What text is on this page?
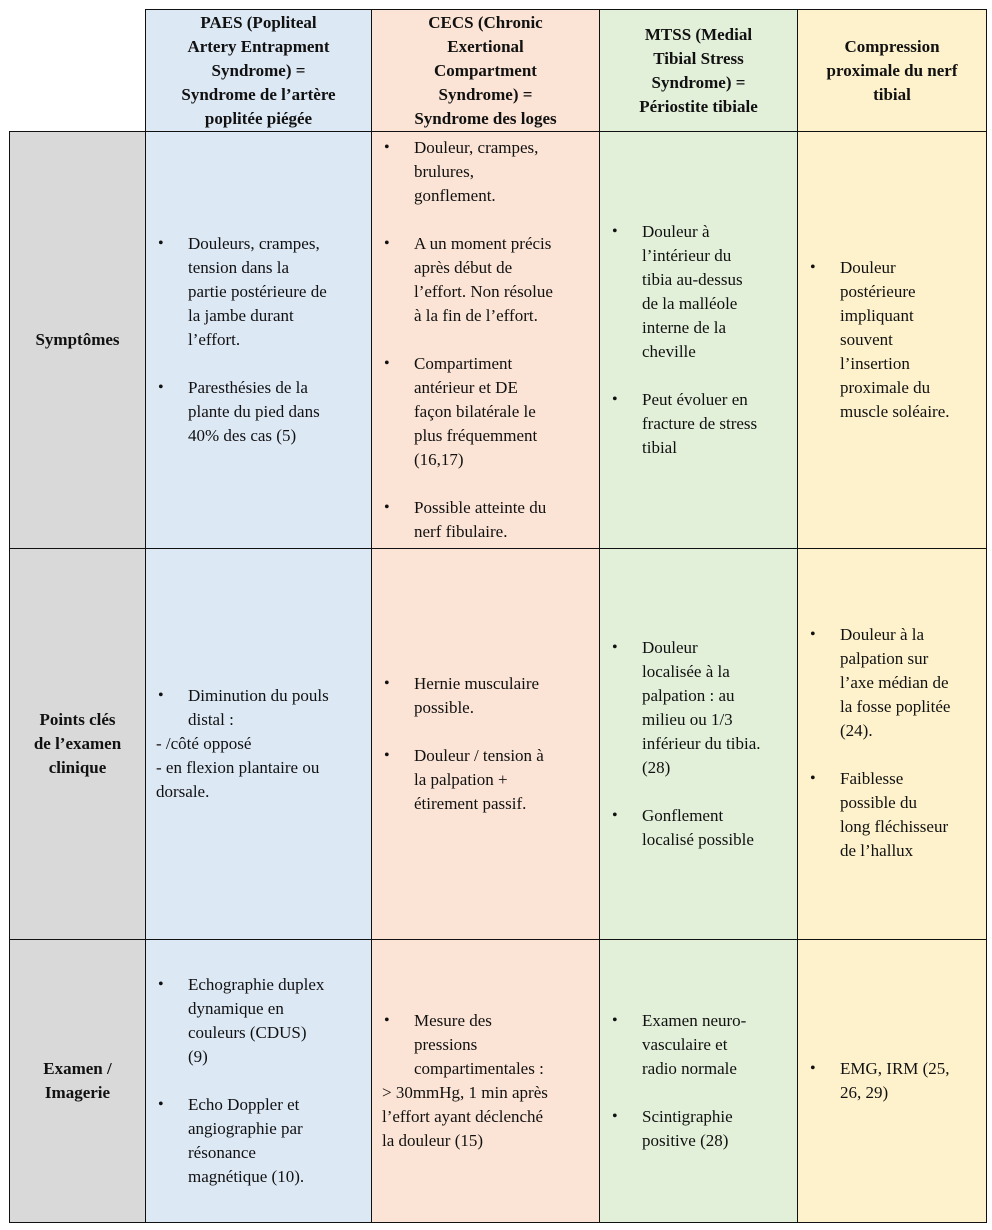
PAES (Popliteal
Artery Entrapment
Syndrome) =
Syndrome de l’artère
poplitée piégée
CECS (Chronic
Exertional
Compartment
Syndrome) =
Syndrome des loges
MTSS (Medial
Tibial Stress
Syndrome) =
Périostite tibiale
Compression
proximale du nerf
tibial
Symptômes
• Douleurs, crampes,
tension dans la
partie postérieure de
la jambe durant
l’effort.
• Paresthésies de la
plante du pied dans
40% des cas (5)
• Douleur, crampes,
brulures,
gonflement.
• A un moment précis
après début de
l’effort. Non résolue
à la fin de l’effort.
• Compartiment
antérieur et DE
façon bilatérale le
plus fréquemment
(16,17)
• Possible atteinte du
nerf fibulaire.
• Douleur à
l’intérieur du
tibia au-dessus
de la malléole
interne de la
cheville
• Peut évoluer en
fracture de stress
tibial
• Douleur
postérieure
impliquant
souvent
l’insertion
proximale du
muscle soléaire.
Points clés
de l’examen
clinique
• Diminution du pouls
distal :
- /côté opposé
- en flexion plantaire ou
dorsale.
• Hernie musculaire
possible.
• Douleur / tension à
la palpation +
étirement passif.
• Douleur
localisée à la
palpation : au
milieu ou 1/3
inférieur du tibia.
(28)
• Gonflement
localisé possible
• Douleur à la
palpation sur
l’axe médian de
la fosse poplitée
(24).
• Faiblesse
possible du
long fléchisseur
de l’hallux
Examen /
Imagerie
• Echographie duplex
dynamique en
couleurs (CDUS)
(9)
• Echo Doppler et
angiographie par
résonance
magnétique (10).
• Mesure des
pressions
compartimentales :
> 30mmHg, 1 min après
l’effort ayant déclenché
la douleur (15)
• Examen neuro-
vasculaire et
radio normale
• Scintigraphie
positive (28)
• EMG, IRM (25,
26, 29)
